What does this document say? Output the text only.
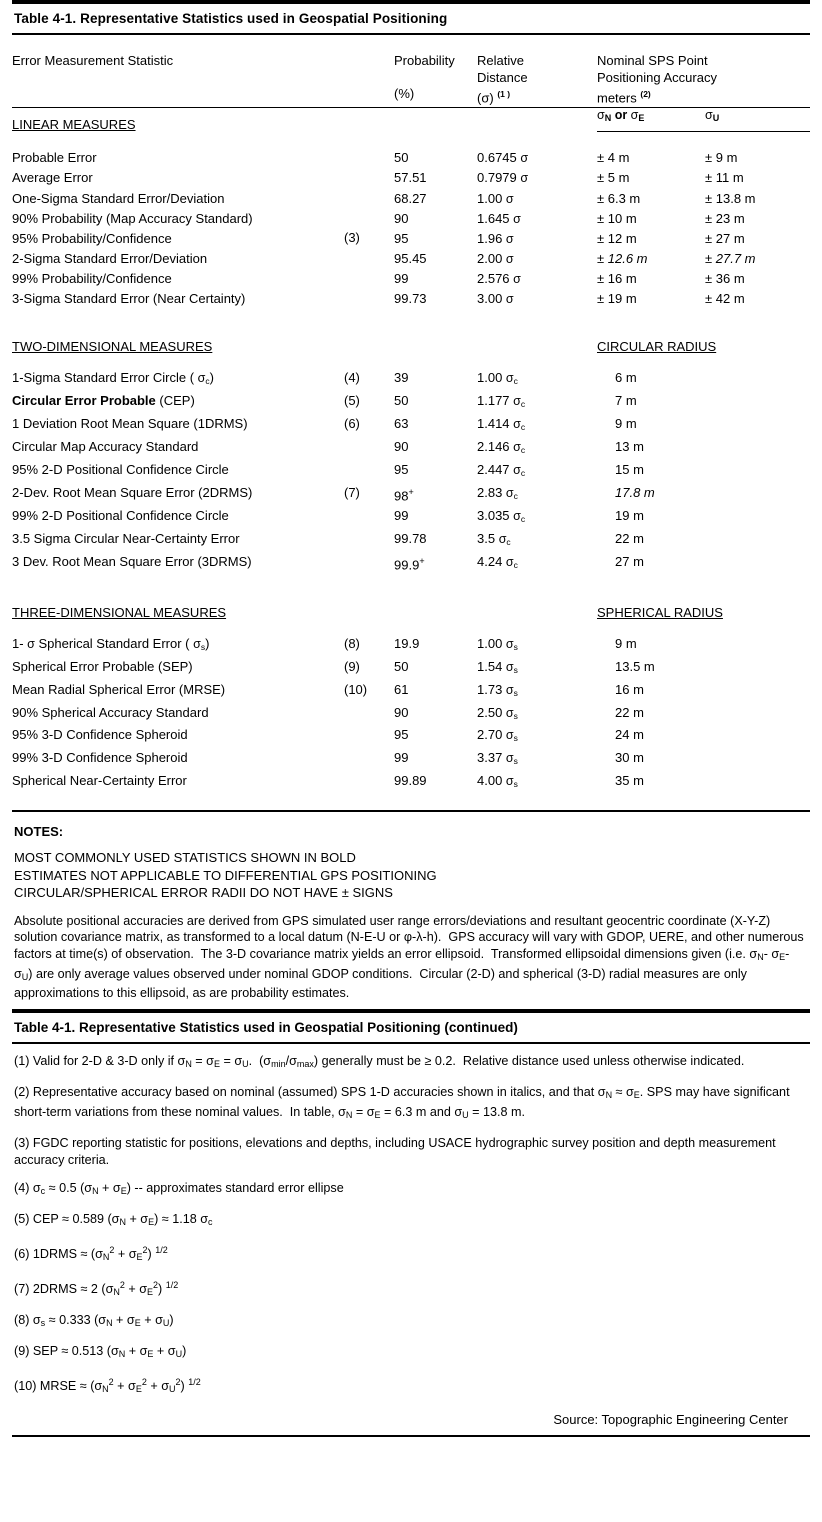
Table 4-1. Representative Statistics used in Geospatial Positioning

Error Measurement Statistic		Probability
(%)

Relative
Distance
(σ) $^{(1 )}$

Nominal SPS Point
Positioning Accuracy
meters $^{(2)}$
LINEAR MEASURES				$\sigma_N$ or $\sigma_E$	$\sigma_U$

Probable Error		50	0.6745 σ	± 4 m	± 9 m
Average Error		57.51	0.7979 σ	± 5 m	± 11 m
One-Sigma Standard Error/Deviation		68.27	1.00 σ	± 6.3 m	± 13.8 m
90% Probability (Map Accuracy Standard)		90	1.645 σ	± 10 m	± 23 m
95% Probability/Confidence	(3)	95	1.96 σ	± 12 m	± 27 m
2-Sigma Standard Error/Deviation		95.45	2.00 σ	± 12.6 m	± 27.7 m
99% Probability/Confidence		99	2.576 σ	± 16 m	± 36 m
3-Sigma Standard Error (Near Certainty)		99.73	3.00 σ	± 19 m	± 42 m
TWO-DIMENSIONAL MEASURES				CIRCULAR RADIUS	

1-Sigma Standard Error Circle ( σc)	(4)	39	1.00 σc	6 m	
Circular Error Probable (CEP)	(5)	50	1.177 σc	7 m	
1 Deviation Root Mean Square (1DRMS)	(6)	63	1.414 σc	9 m	
Circular Map Accuracy Standard		90	2.146 σc	13 m	
95% 2-D Positional Confidence Circle		95	2.447 σc	15 m	
2-Dev. Root Mean Square Error (2DRMS)	(7)	98+	2.83 σc	17.8 m	
99% 2-D Positional Confidence Circle		99	3.035 σc	19 m	
3.5 Sigma Circular Near-Certainty Error		99.78	3.5 σc	22 m	
3 Dev. Root Mean Square Error (3DRMS)		99.9+	4.24 σc	27 m	
THREE-DIMENSIONAL MEASURES				SPHERICAL RADIUS	

1- σ Spherical Standard Error ( σs)	(8)	19.9	1.00 σs	9 m	
Spherical Error Probable (SEP)	(9)	50	1.54 σs	13.5 m	
Mean Radial Spherical Error (MRSE)	(10)	61	1.73 σs	16 m	
90% Spherical Accuracy Standard		90	2.50 σs	22 m	
95% 3-D Confidence Spheroid		95	2.70 σs	24 m	
99% 3-D Confidence Spheroid		99	3.37 σs	30 m	
Spherical Near-Certainty Error		99.89	4.00 σs	35 m	

NOTES:
MOST COMMONLY USED STATISTICS SHOWN IN BOLD
ESTIMATES NOT APPLICABLE TO DIFFERENTIAL GPS POSITIONING
CIRCULAR/SPHERICAL ERROR RADII DO NOT HAVE ± SIGNS
Absolute positional accuracies are derived from GPS simulated user range errors/deviations and resultant geocentric coordinate (X-Y-Z) solution covariance matrix, as transformed to a local datum (N-E-U or φ-λ-h).  GPS accuracy will vary with GDOP, UERE, and other numerous factors at time(s) of observation.  The 3-D covariance matrix yields an error ellipsoid.  Transformed ellipsoidal dimensions given (i.e. σN- σE- σU) are only average values observed under nominal GDOP conditions.  Circular (2-D) and spherical (3-D) radial measures are only approximations to this ellipsoid, as are probability estimates.
Table 4-1. Representative Statistics used in Geospatial Positioning (continued)
(1) Valid for 2-D & 3-D only if σN = σE = σU.  (σmin/σmax) generally must be ≥ 0.2.  Relative distance used unless otherwise indicated.
(2) Representative accuracy based on nominal (assumed) SPS 1-D accuracies shown in italics, and that σN ≈ σE. SPS may have significant short-term variations from these nominal values.  In table, σN = σE = 6.3 m and σU = 13.8 m.
(3) FGDC reporting statistic for positions, elevations and depths, including USACE hydrographic survey position and depth measurement accuracy criteria.
(4) σc ≈ 0.5 (σN + σE) -- approximates standard error ellipse
(5) CEP ≈ 0.589 (σN + σE) ≈ 1.18 σc
(6) 1DRMS ≈ $(\sigma N^2 + \sigma E^2)$ $^{1/2}$
(7) 2DRMS ≈ 2 $(\sigma N^2 + \sigma E^2)$ $^{1/2}$
(8) σs ≈ 0.333 (σN + σE + σU)
(9) SEP ≈ 0.513 (σN + σE + σU)
(10) MRSE ≈ $(\sigma N^2 + \sigma E^2 + \sigma U^2)$ $^{1/2}$
Source: Topographic Engineering Center
